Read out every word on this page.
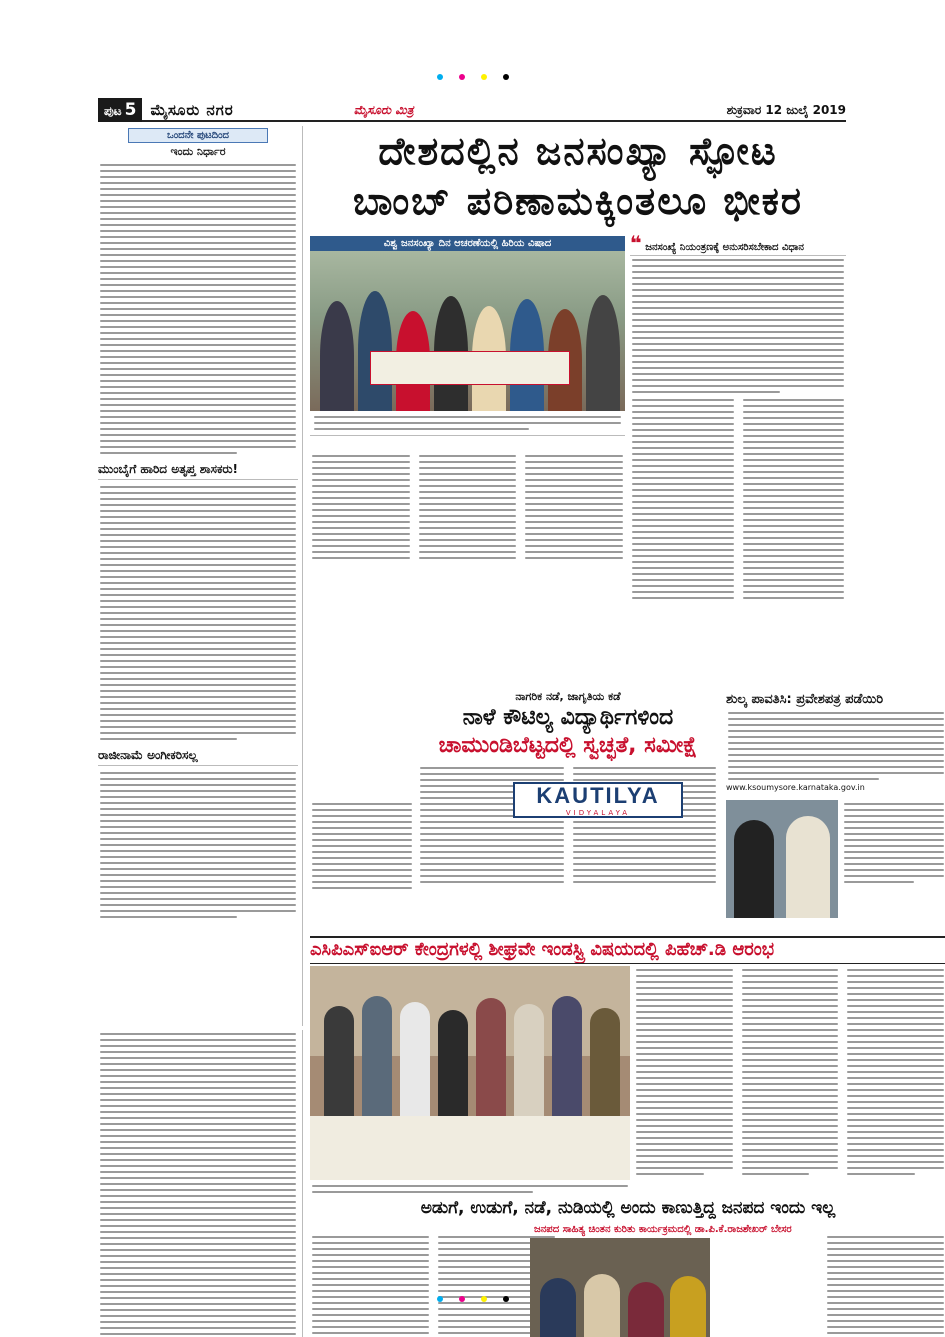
ಪುಟ 5 ಮೈಸೂರು ನಗರ	ಮೈಸೂರು ಮಿತ್ರ	ಶುಕ್ರವಾರ 12 ಜುಲೈ 2019
ಒಂದನೇ ಪುಟದಿಂದ
ಇಂದು ನಿರ್ಧಾರ
ಮುಂಬೈಗೆ ಹಾರಿದ ಅತೃಪ್ತ ಶಾಸಕರು!
ರಾಜೀನಾಮೆ ಅಂಗೀಕರಿಸಲ್ಲ
ದೇಶದಲ್ಲಿನ ಜನಸಂಖ್ಯಾ ಸ್ಫೋಟ
ಬಾಂಬ್ ಪರಿಣಾಮಕ್ಕಿಂತಲೂ ಭೀಕರ
ವಿಶ್ವ ಜನಸಂಖ್ಯಾ ದಿನ ಆಚರಣೆಯಲ್ಲಿ ಹಿರಿಯ ವಿಷಾದ	❝ ಜನಸಂಖ್ಯೆ ನಿಯಂತ್ರಣಕ್ಕೆ ಅನುಸರಿಸಬೇಕಾದ ವಿಧಾನ
ನಾಗರಿಕ ನಡೆ, ಜಾಗೃತಿಯ ಕಡೆ
ನಾಳೆ ಕೌಟಿಲ್ಯ ವಿದ್ಯಾರ್ಥಿಗಳಿಂದ
ಚಾಮುಂಡಿಬೆಟ್ಟದಲ್ಲಿ ಸ್ವಚ್ಛತೆ, ಸಮೀಕ್ಷೆ
KAUTILYA
VIDYALAYA
ಶುಲ್ಕ ಪಾವತಿಸಿ: ಪ್ರವೇಶಪತ್ರ ಪಡೆಯಿರಿ
www.ksoumysore.karnataka.gov.in
ಎಸಿಪಿಎಸ್ಐಆರ್ ಕೇಂದ್ರಗಳಲ್ಲಿ ಶೀಘ್ರವೇ ಇಂಡಸ್ಟ್ರಿ ವಿಷಯದಲ್ಲಿ ಪಿಹೆಚ್.ಡಿ ಆರಂಭ
ಅಡುಗೆ, ಉಡುಗೆ, ನಡೆ, ನುಡಿಯಲ್ಲಿ ಅಂದು ಕಾಣುತ್ತಿದ್ದ ಜನಪದ ಇಂದು ಇಲ್ಲ
ಜನಪದ ಸಾಹಿತ್ಯ ಚಿಂತನ ಕುರಿತು ಕಾರ್ಯಕ್ರಮದಲ್ಲಿ ಡಾ.ಪಿ.ಕೆ.ರಾಜಶೇಖರ್ ಬೇಸರ
